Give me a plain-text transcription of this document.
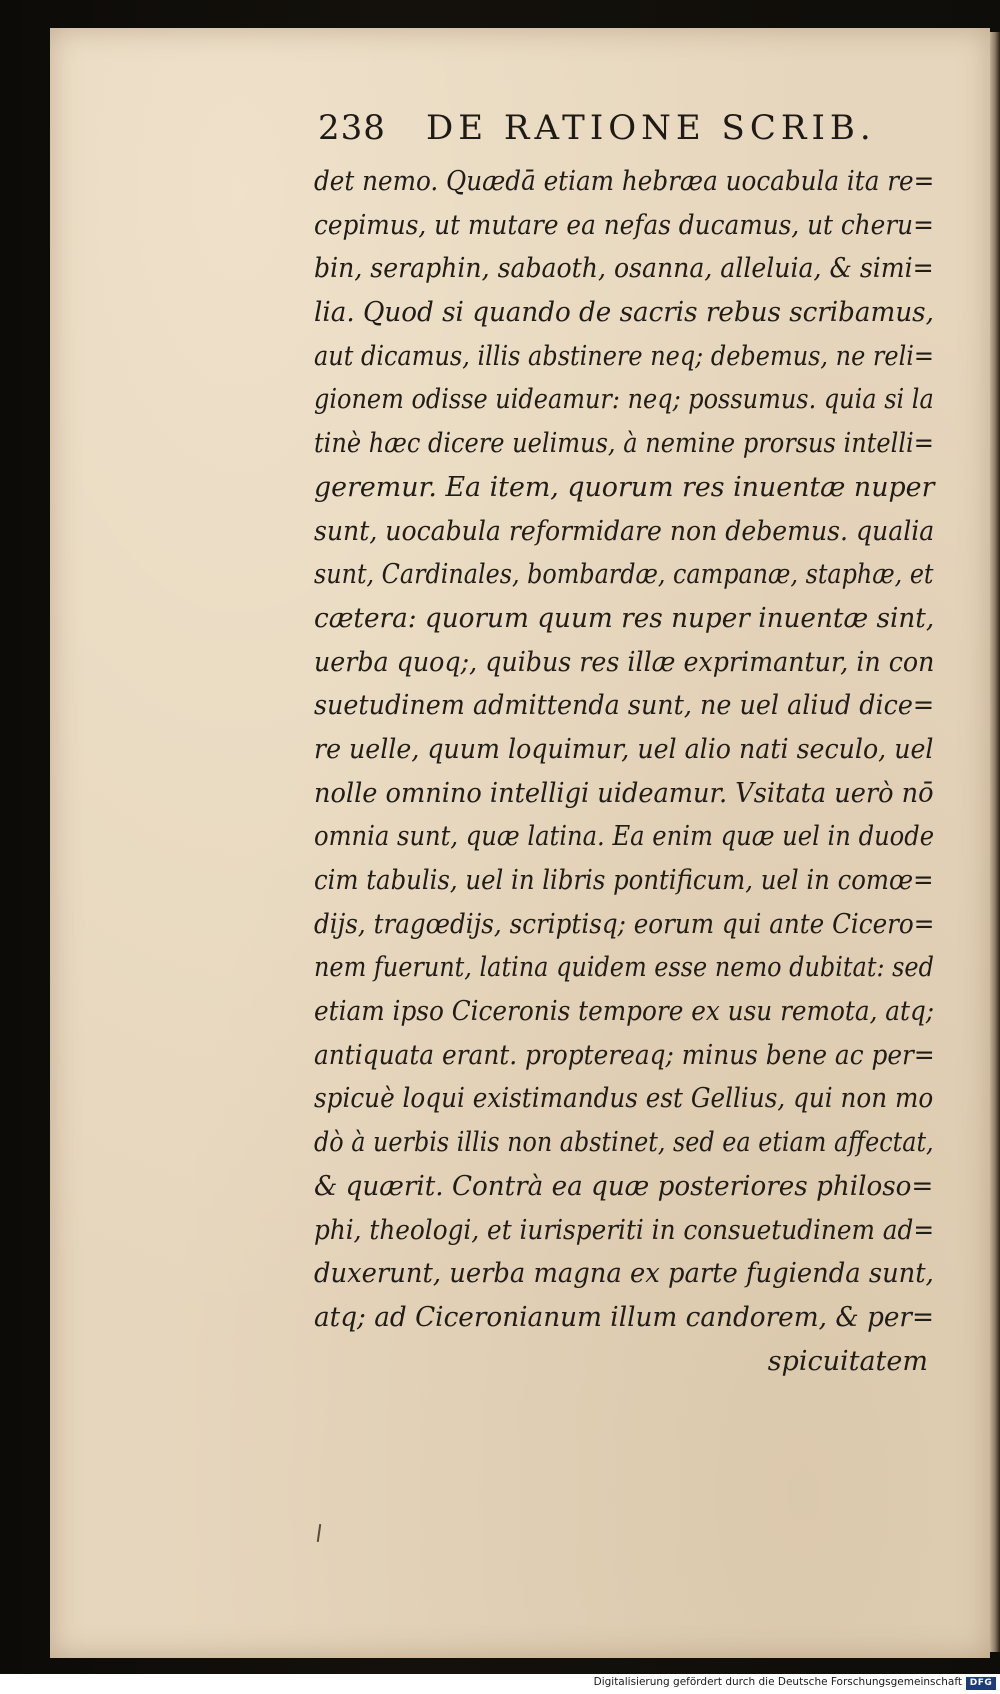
238 DE RATIONE SCRIB.
det nemo. Quædā etiam hebræa uocabula ita re=
cepimus, ut mutare ea nefas ducamus, ut cheru=
bin, seraphin, sabaoth, osanna, alleluia, & simi=
lia. Quod si quando de sacris rebus scribamus,
aut dicamus, illis abstinere neq; debemus, ne reli=
gionem odisse uideamur: neq; possumus. quia si la
tinè hæc dicere uelimus, à nemine prorsus intelli=
geremur. Ea item, quorum res inuentæ nuper
sunt, uocabula reformidare non debemus. qualia
sunt, Cardinales, bombardæ, campanæ, staphæ, et
cætera: quorum quum res nuper inuentæ sint,
uerba quoq;, quibus res illæ exprimantur, in con
suetudinem admittenda sunt, ne uel aliud dice=
re uelle, quum loquimur, uel alio nati seculo, uel
nolle omnino intelligi uideamur. Vsitata uerò nō
omnia sunt, quæ latina. Ea enim quæ uel in duode
cim tabulis, uel in libris pontificum, uel in comœ=
dijs, tragœdijs, scriptisq; eorum qui ante Cicero=
nem fuerunt, latina quidem esse nemo dubitat: sed
etiam ipso Ciceronis tempore ex usu remota, atq;
antiquata erant. proptereaq; minus bene ac per=
spicuè loqui existimandus est Gellius, qui non mo
dò à uerbis illis non abstinet, sed ea etiam affectat,
& quærit. Contrà ea quæ posteriores philoso=
phi, theologi, et iurisperiti in consuetudinem ad=
duxerunt, uerba magna ex parte fugienda sunt,
atq; ad Ciceronianum illum candorem, & per=
spicuitatem
Digitalisierung gefördert durch die Deutsche Forschungsgemeinschaft DFG
